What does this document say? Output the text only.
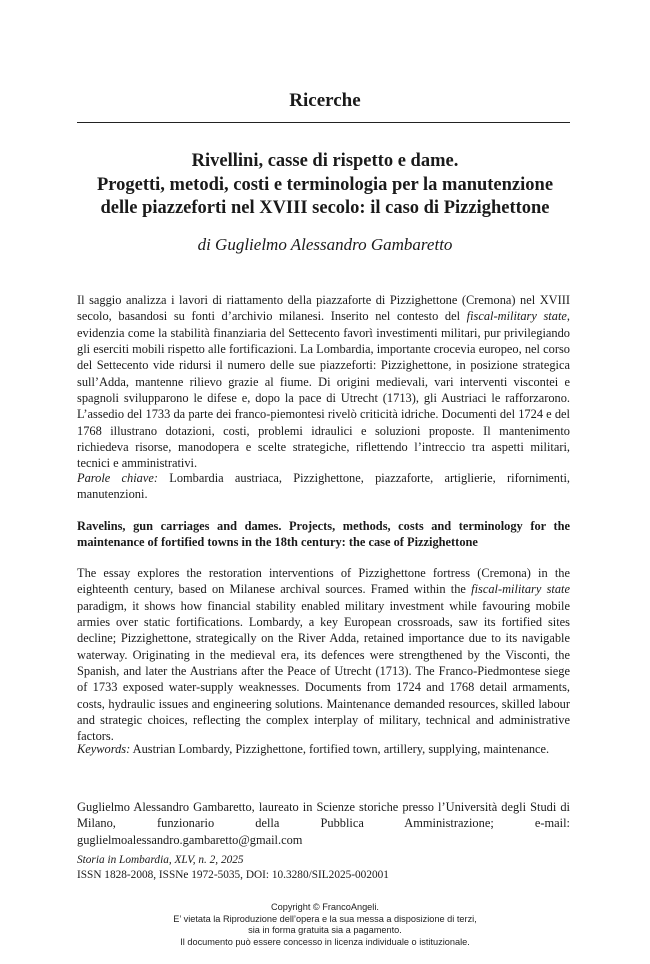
Ricerche
Rivellini, casse di rispetto e dame.
Progetti, metodi, costi e terminologia per la manutenzione
delle piazzeforti nel XVIII secolo: il caso di Pizzighettone
di Guglielmo Alessandro Gambaretto

Il saggio analizza i lavori di riattamento della piazzaforte di Pizzighettone (Cremona) nel XVIII secolo, basandosi su fonti d’archivio milanesi. Inserito nel contesto del fiscal-military state, evidenzia come la stabilità finanziaria del Settecento favorì investimenti militari, pur privilegiando gli eserciti mobili rispetto alle fortificazioni. La Lombardia, importante crocevia europeo, nel corso del Settecento vide ridursi il numero delle sue piazzeforti: Pizzighettone, in posizione strategica sull’Adda, mantenne rilievo grazie al fiume. Di origini medievali, vari interventi viscontei e spagnoli svilupparono le difese e, dopo la pace di Utrecht (1713), gli Austriaci le rafforzarono. L’assedio del 1733 da parte dei franco-piemontesi rivelò criticità idriche. Documenti del 1724 e del 1768 illustrano dotazioni, costi, problemi idraulici e soluzioni proposte. Il mantenimento richiedeva risorse, manodopera e scelte strategiche, riflettendo l’intreccio tra aspetti militari, tecnici e amministrativi.

Parole chiave: Lombardia austriaca, Pizzighettone, piazzaforte, artiglierie, rifornimenti, manutenzioni.

Ravelins, gun carriages and dames. Projects, methods, costs and terminology for the maintenance of fortified towns in the 18th century: the case of Pizzighettone

The essay explores the restoration interventions of Pizzighettone fortress (Cremona) in the eighteenth century, based on Milanese archival sources. Framed within the fiscal-military state paradigm, it shows how financial stability enabled military investment while favouring mobile armies over static fortifications. Lombardy, a key European crossroads, saw its fortified sites decline; Pizzighettone, strategically on the River Adda, retained importance due to its navigable waterway. Originating in the medieval era, its defences were strengthened by the Visconti, the Spanish, and later the Austrians after the Peace of Utrecht (1713). The Franco-Piedmontese siege of 1733 exposed water-supply weaknesses. Documents from 1724 and 1768 detail armaments, costs, hydraulic issues and engineering solutions. Maintenance demanded resources, skilled labour and strategic choices, reflecting the complex interplay of military, technical and administrative factors.

Keywords: Austrian Lombardy, Pizzighettone, fortified town, artillery, supplying, maintenance.

Guglielmo Alessandro Gambaretto, laureato in Scienze storiche presso l’Università degli Studi di Milano, funzionario della Pubblica Amministrazione; e-mail: guglielmoalessandro.gambaretto@gmail.com

Storia in Lombardia, XLV, n. 2, 2025
ISSN 1828-2008, ISSNe 1972-5035, DOI: 10.3280/SIL2025-002001
Copyright © FrancoAngeli.
E’ vietata la Riproduzione dell’opera e la sua messa a disposizione di terzi,
sia in forma gratuita sia a pagamento.
Il documento può essere concesso in licenza individuale o istituzionale.
